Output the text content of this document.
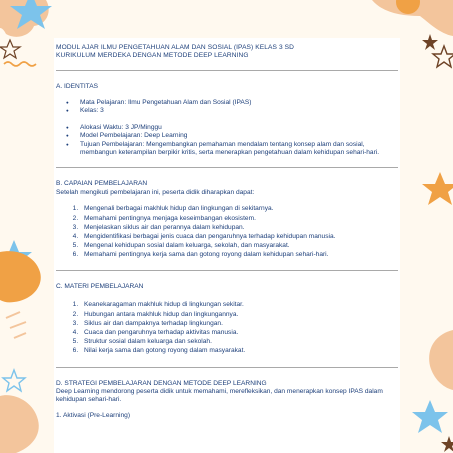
MODUL AJAR ILMU PENGETAHUAN ALAM DAN SOSIAL (IPAS) KELAS 3 SD
KURIKULUM MERDEKA DENGAN METODE DEEP LEARNING
A. IDENTITAS
● Mata Pelajaran: Ilmu Pengetahuan Alam dan Sosial (IPAS)
● Kelas: 3
● Alokasi Waktu: 3 JP/Minggu
● Model Pembelajaran: Deep Learning
● Tujuan Pembelajaran: Mengembangkan pemahaman mendalam tentang konsep alam dan sosial, membangun keterampilan berpikir kritis, serta menerapkan pengetahuan dalam kehidupan sehari-hari.
B. CAPAIAN PEMBELAJARAN

Setelah mengikuti pembelajaran ini, peserta didik diharapkan dapat:

1. Mengenali berbagai makhluk hidup dan lingkungan di sekitarnya.
2. Memahami pentingnya menjaga keseimbangan ekosistem.
3. Menjelaskan siklus air dan perannya dalam kehidupan.
4. Mengidentifikasi berbagai jenis cuaca dan pengaruhnya terhadap kehidupan manusia.
5. Mengenal kehidupan sosial dalam keluarga, sekolah, dan masyarakat.
6. Memahami pentingnya kerja sama dan gotong royong dalam kehidupan sehari-hari.
C. MATERI PEMBELAJARAN
1. Keanekaragaman makhluk hidup di lingkungan sekitar.
2. Hubungan antara makhluk hidup dan lingkungannya.
3. Siklus air dan dampaknya terhadap lingkungan.
4. Cuaca dan pengaruhnya terhadap aktivitas manusia.
5. Struktur sosial dalam keluarga dan sekolah.
6. Nilai kerja sama dan gotong royong dalam masyarakat.
D. STRATEGI PEMBELAJARAN DENGAN METODE DEEP LEARNING

Deep Learning mendorong peserta didik untuk memahami, merefleksikan, dan menerapkan konsep IPAS dalam kehidupan sehari-hari.

1. Aktivasi (Pre-Learning)
